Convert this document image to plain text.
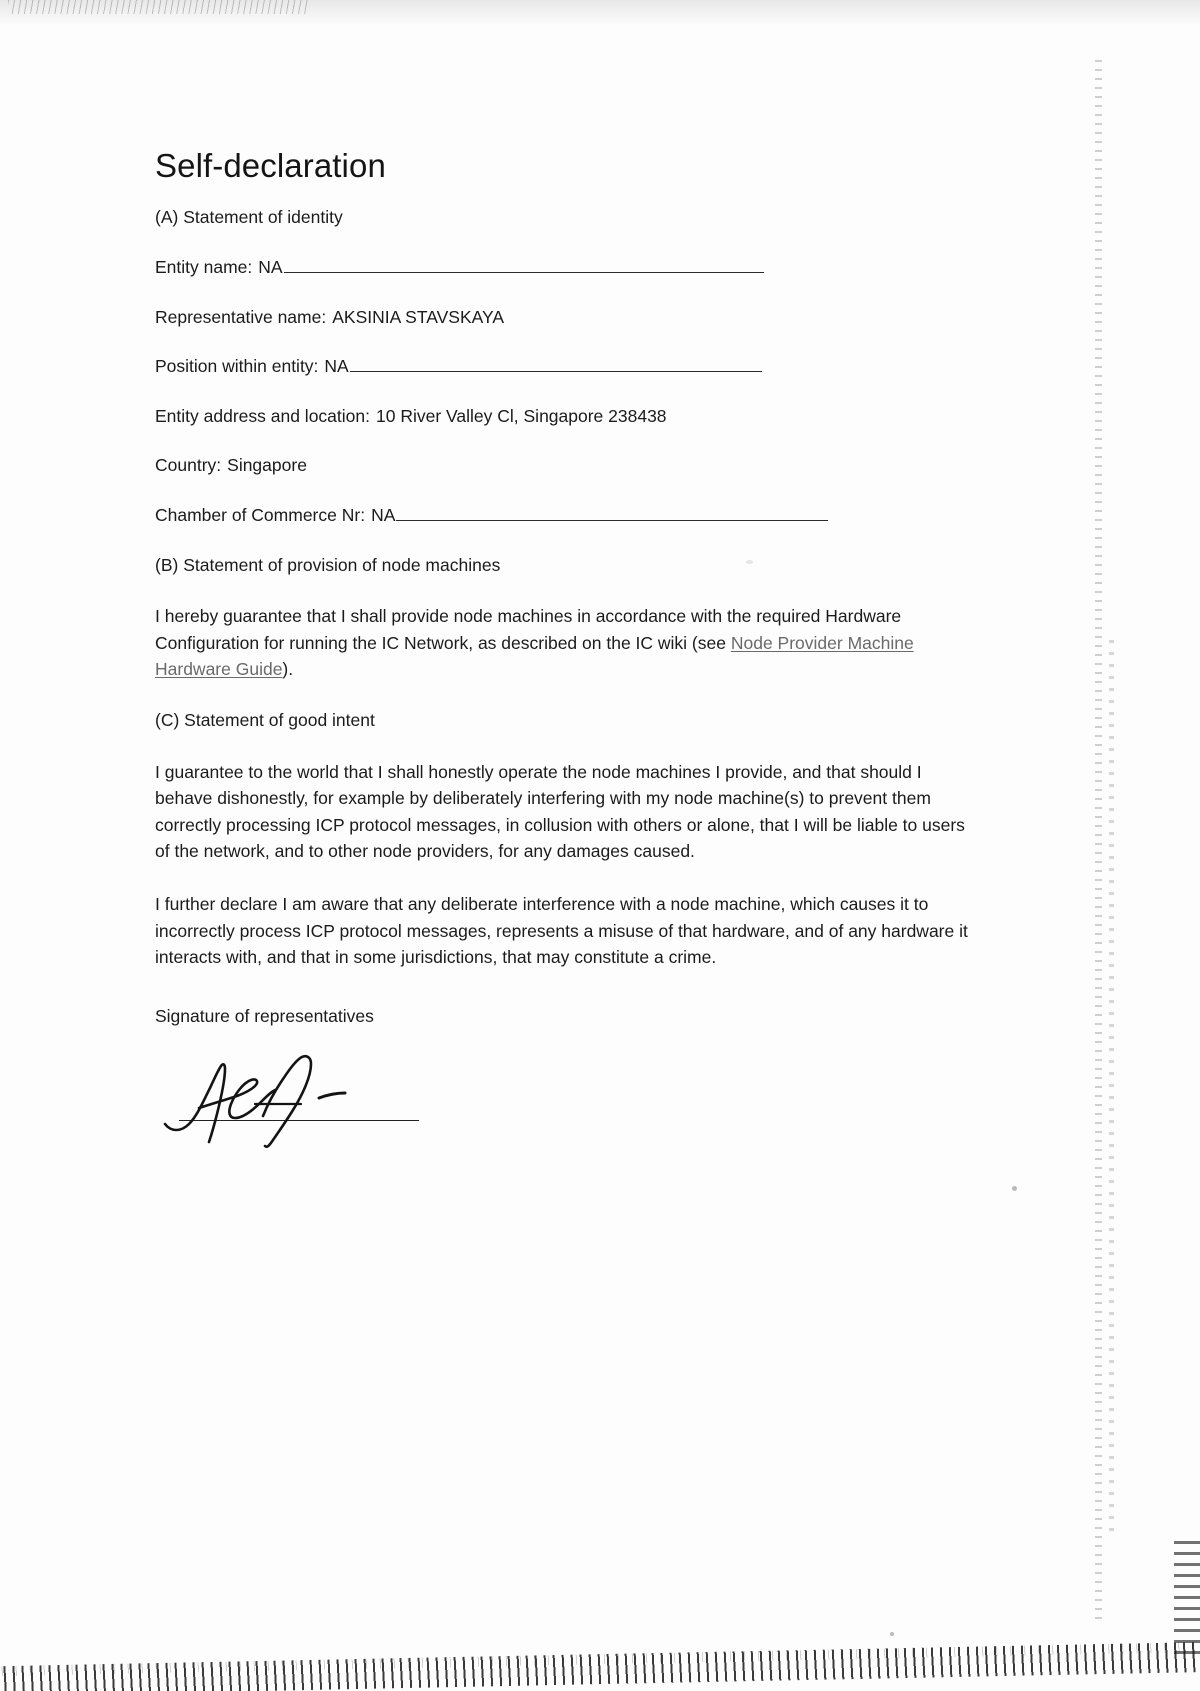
Self-declaration
(A) Statement of identity
Entity name: NA
Representative name: AKSINIA STAVSKAYA
Position within entity: NA
Entity address and location: 10 River Valley Cl, Singapore 238438
Country: Singapore
Chamber of Commerce Nr: NA
(B) Statement of provision of node machines

I hereby guarantee that I shall provide node machines in accordance with the required Hardware Configuration for running the IC Network, as described on the IC wiki (see Node Provider Machine Hardware Guide).

(C) Statement of good intent

I guarantee to the world that I shall honestly operate the node machines I provide, and that should I behave dishonestly, for example by deliberately interfering with my node machine(s) to prevent them correctly processing ICP protocol messages, in collusion with others or alone, that I will be liable to users of the network, and to other node providers, for any damages caused.

I further declare I am aware that any deliberate interference with a node machine, which causes it to incorrectly process ICP protocol messages, represents a misuse of that hardware, and of any hardware it interacts with, and that in some jurisdictions, that may constitute a crime.

Signature of representatives
